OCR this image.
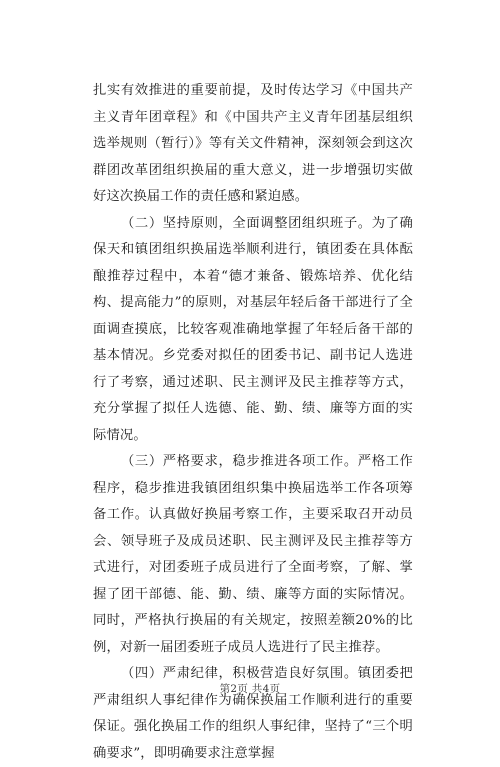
扎实有效推进的重要前提，及时传达学习《中国共产主义青年团章程》和《中国共产主义青年团基层组织选举规则（暂行）》等有关文件精神，深刻领会到这次群团改革团组织换届的重大意义，进一步增强切实做好这次换届工作的责任感和紧迫感。

（二）坚持原则，全面调整团组织班子。为了确保天和镇团组织换届选举顺利进行，镇团委在具体酝酿推荐过程中，本着“德才兼备、锻炼培养、优化结构、提高能力”的原则，对基层年轻后备干部进行了全面调查摸底，比较客观准确地掌握了年轻后备干部的基本情况。乡党委对拟任的团委书记、副书记人选进行了考察，通过述职、民主测评及民主推荐等方式，充分掌握了拟任人选德、能、勤、绩、廉等方面的实际情况。

（三）严格要求，稳步推进各项工作。严格工作程序，稳步推进我镇团组织集中换届选举工作各项筹备工作。认真做好换届考察工作，主要采取召开动员会、领导班子及成员述职、民主测评及民主推荐等方式进行，对团委班子成员进行了全面考察，了解、掌握了团干部德、能、勤、绩、廉等方面的实际情况。同时，严格执行换届的有关规定，按照差额20%的比例，对新一届团委班子成员人选进行了民主推荐。

（四）严肃纪律，积极营造良好氛围。镇团委把严肃组织人事纪律作为确保换届工作顺利进行的重要保证。强化换届工作的组织人事纪律，坚持了“三个明确要求”，即明确要求注意掌握

第2页 共4页
